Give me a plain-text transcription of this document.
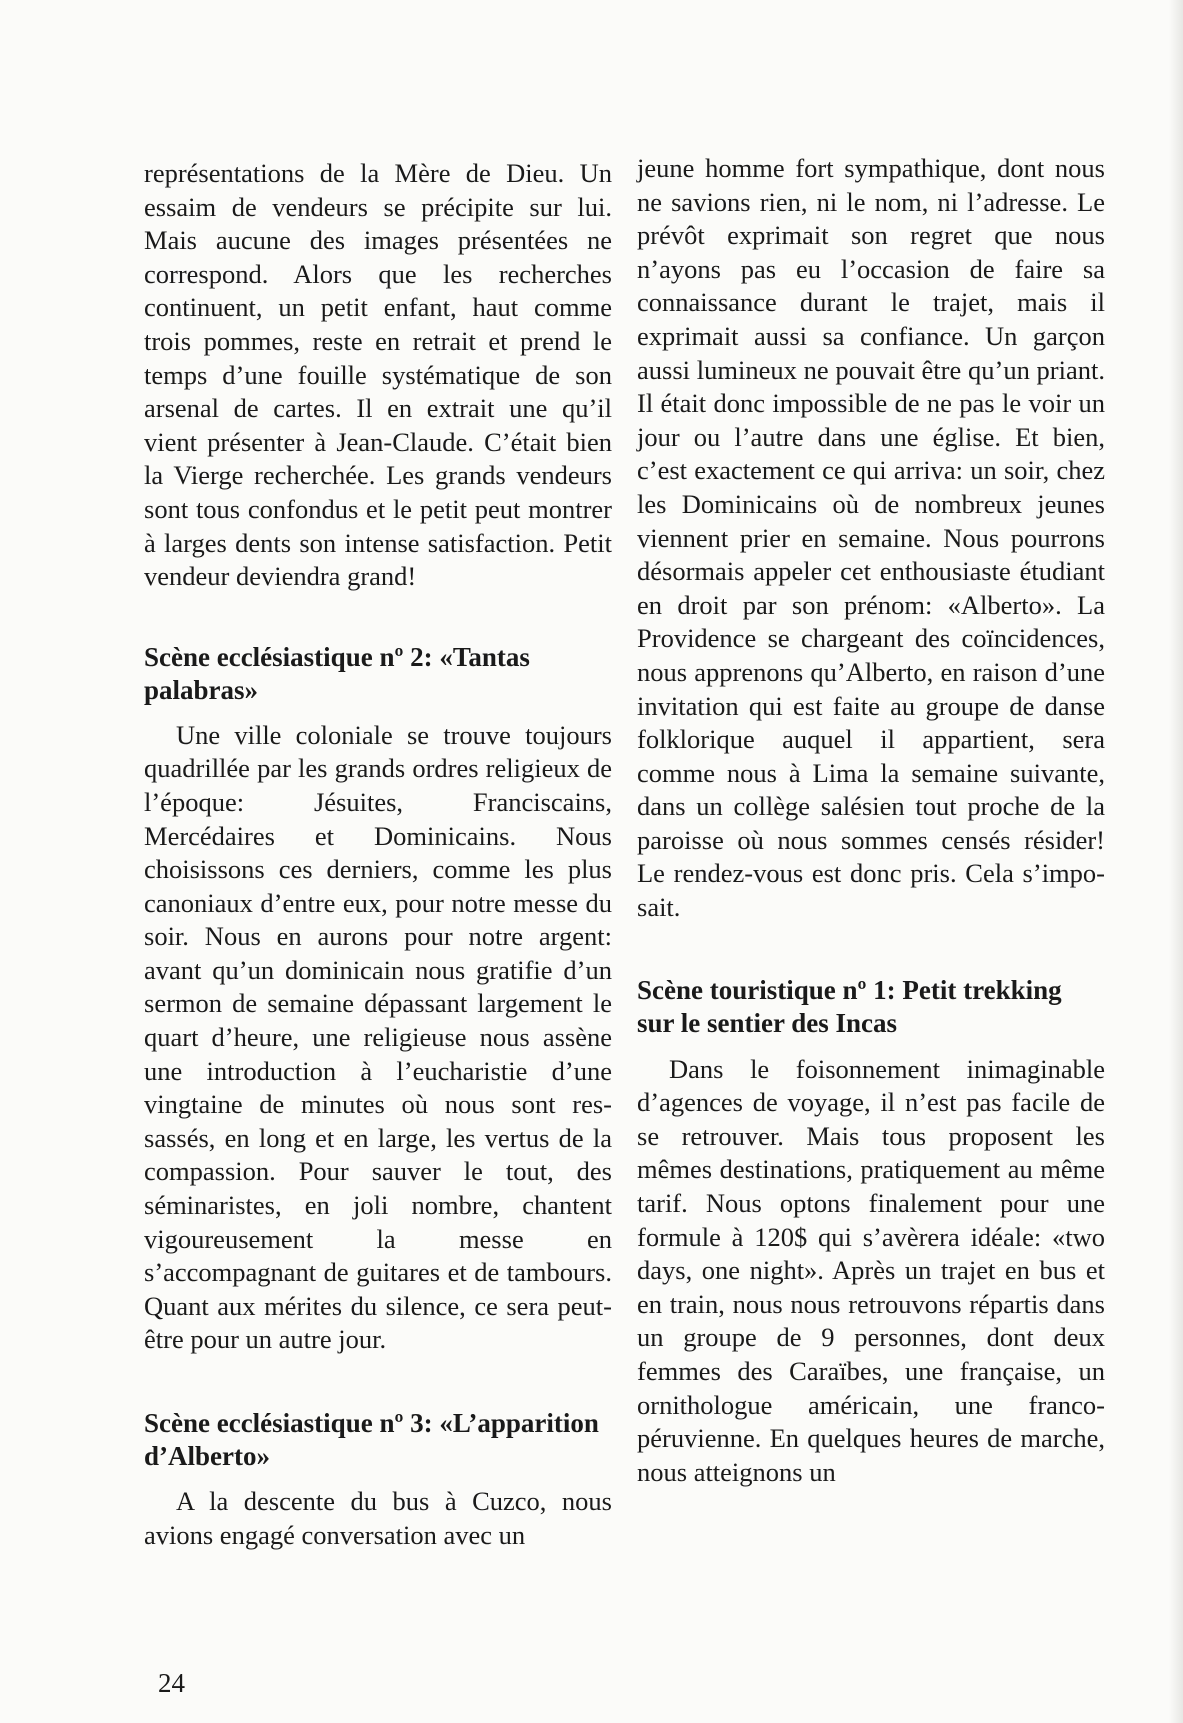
représentations de la Mère de Dieu. Un essaim de vendeurs se précipite sur lui. Mais aucune des images présentées ne correspond. Alors que les recherches continuent, un petit enfant, haut comme trois pommes, reste en retrait et prend le temps d’une fouille systématique de son arsenal de cartes. Il en extrait une qu’il vient présenter à Jean-Claude. C’était bien la Vierge recherchée. Les grands vendeurs sont tous confondus et le petit peut montrer à larges dents son intense satisfaction. Petit vendeur deviendra grand!

Scène ecclésiastique nº 2: «Tantas palabras»

Une ville coloniale se trouve toujours quadrillée par les grands ordres religieux de l’époque: Jésuites, Franciscains, Mercédaires et Dominicains. Nous choisissons ces derniers, comme les plus canoniaux d’entre eux, pour notre messe du soir. Nous en aurons pour notre argent: avant qu’un dominicain nous gratifie d’un sermon de semaine dépassant largement le quart d’heure, une religieuse nous assène une introduction à l’eucharistie d’une vingtaine de minutes où nous sont ressassés, en long et en large, les vertus de la compassion. Pour sauver le tout, des séminaristes, en joli nombre, chantent vigoureusement la messe en s’accompagnant de guitares et de tambours. Quant aux mérites du silence, ce sera peut-être pour un autre jour.

Scène ecclésiastique nº 3: «L’apparition d’Alberto»

A la descente du bus à Cuzco, nous avions engagé conversation avec un

jeune homme fort sympathique, dont nous ne savions rien, ni le nom, ni l’adresse. Le prévôt exprimait son regret que nous n’ayons pas eu l’occasion de faire sa connaissance durant le trajet, mais il exprimait aussi sa confiance. Un garçon aussi lumineux ne pouvait être qu’un priant. Il était donc impossible de ne pas le voir un jour ou l’autre dans une église. Et bien, c’est exactement ce qui arriva: un soir, chez les Dominicains où de nombreux jeunes viennent prier en semaine. Nous pourrons désormais appeler cet enthousiaste étudiant en droit par son prénom: «Alberto». La Providence se chargeant des coïncidences, nous apprenons qu’Alberto, en raison d’une invitation qui est faite au groupe de danse folklorique auquel il appartient, sera comme nous à Lima la semaine suivante, dans un collège salésien tout proche de la paroisse où nous sommes censés résider! Le rendez-vous est donc pris. Cela s’imposait.

Scène touristique nº 1: Petit trekking sur le sentier des Incas

Dans le foisonnement inimaginable d’agences de voyage, il n’est pas facile de se retrouver. Mais tous proposent les mêmes destinations, pratiquement au même tarif. Nous optons finalement pour une formule à 120$ qui s’avèrera idéale: «two days, one night». Après un trajet en bus et en train, nous nous retrouvons répartis dans un groupe de 9 personnes, dont deux femmes des Caraïbes, une française, un ornithologue américain, une franco-péruvienne. En quelques heures de marche, nous atteignons un

24
